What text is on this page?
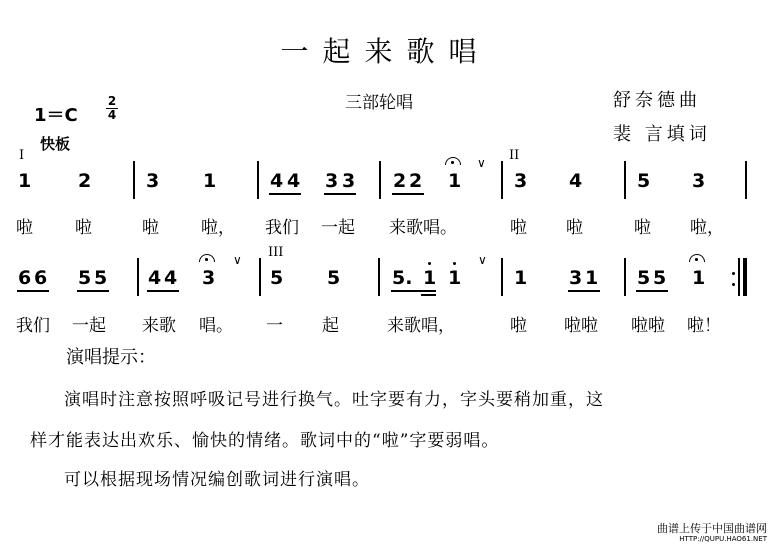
一起来歌唱
三部轮唱	舒奈德曲
裴 言填词
1＝C
2
4
快板
I	II
III
1 2	3 1	4 4 3 3 2 2 1
∨
3 4	5 3
啦 啦	啦 啦， 我们 一起 来歌唱。	啦 啦	啦 啦，
6 6 5 5 4 4 3
∨
5 5	5. 1 1
∨
1 3 1 5 5 1
我们 一起 来歌 唱。 一 起	来歌唱，	啦 啦啦 啦啦 啦！
演唱提示：
演唱时注意按照呼吸记号进行换气。吐字要有力，字头要稍加重，这
样才能表达出欢乐、愉快的情绪。歌词中的“啦”字要弱唱。
可以根据现场情况编创歌词进行演唱。
曲谱上传于中国曲谱网
HTTP://QUPU.HAO61.NET
